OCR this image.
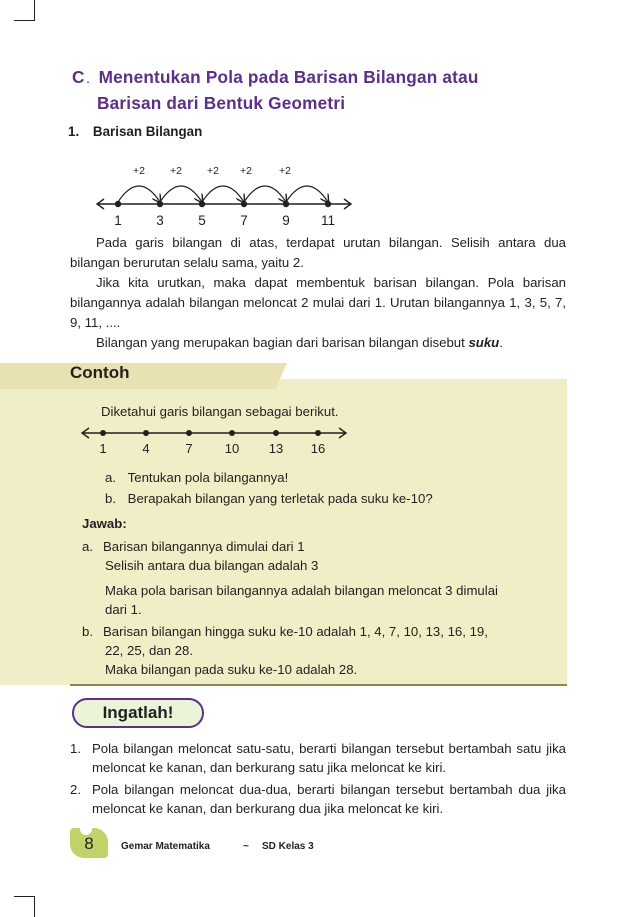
C . Menentukan Pola pada Barisan Bilangan atau
Barisan dari Bentuk Geometri
1. Barisan Bilangan
+2 +2 +2 +2	+2
1	3	5	7	9 11

Pada garis bilangan di atas, terdapat urutan bilangan. Selisih antara dua bilangan berurutan selalu sama, yaitu 2.

Jika kita urutkan, maka dapat membentuk barisan bilangan. Pola barisan bilangannya adalah bilangan meloncat 2 mulai dari 1. Urutan bilangannya 1, 3, 5, 7, 9, 11, ....

Bilangan yang merupakan bagian dari barisan bilangan disebut suku.

Contoh
Diketahui garis bilangan sebagai berikut.
1	4	7 10 13 16
a. Tentukan pola bilangannya!
b. Berapakah bilangan yang terletak pada suku ke-10?
Jawab:
a. Barisan bilangannya dimulai dari 1
Selisih antara dua bilangan adalah 3
Maka pola barisan bilangannya adalah bilangan meloncat 3 dimulai
dari 1.
b. Barisan bilangan hingga suku ke-10 adalah 1, 4, 7, 10, 13, 16, 19,
22, 25, dan 28.
Maka bilangan pada suku ke-10 adalah 28.
Ingatlah!
1. Pola bilangan meloncat satu-satu, berarti bilangan tersebut bertambah satu jika meloncat ke kanan, dan berkurang satu jika meloncat ke kiri.
2. Pola bilangan meloncat dua-dua, berarti bilangan tersebut bertambah dua jika meloncat ke kanan, dan berkurang dua jika meloncat ke kiri.
8	Gemar Matematika	~ SD Kelas 3
